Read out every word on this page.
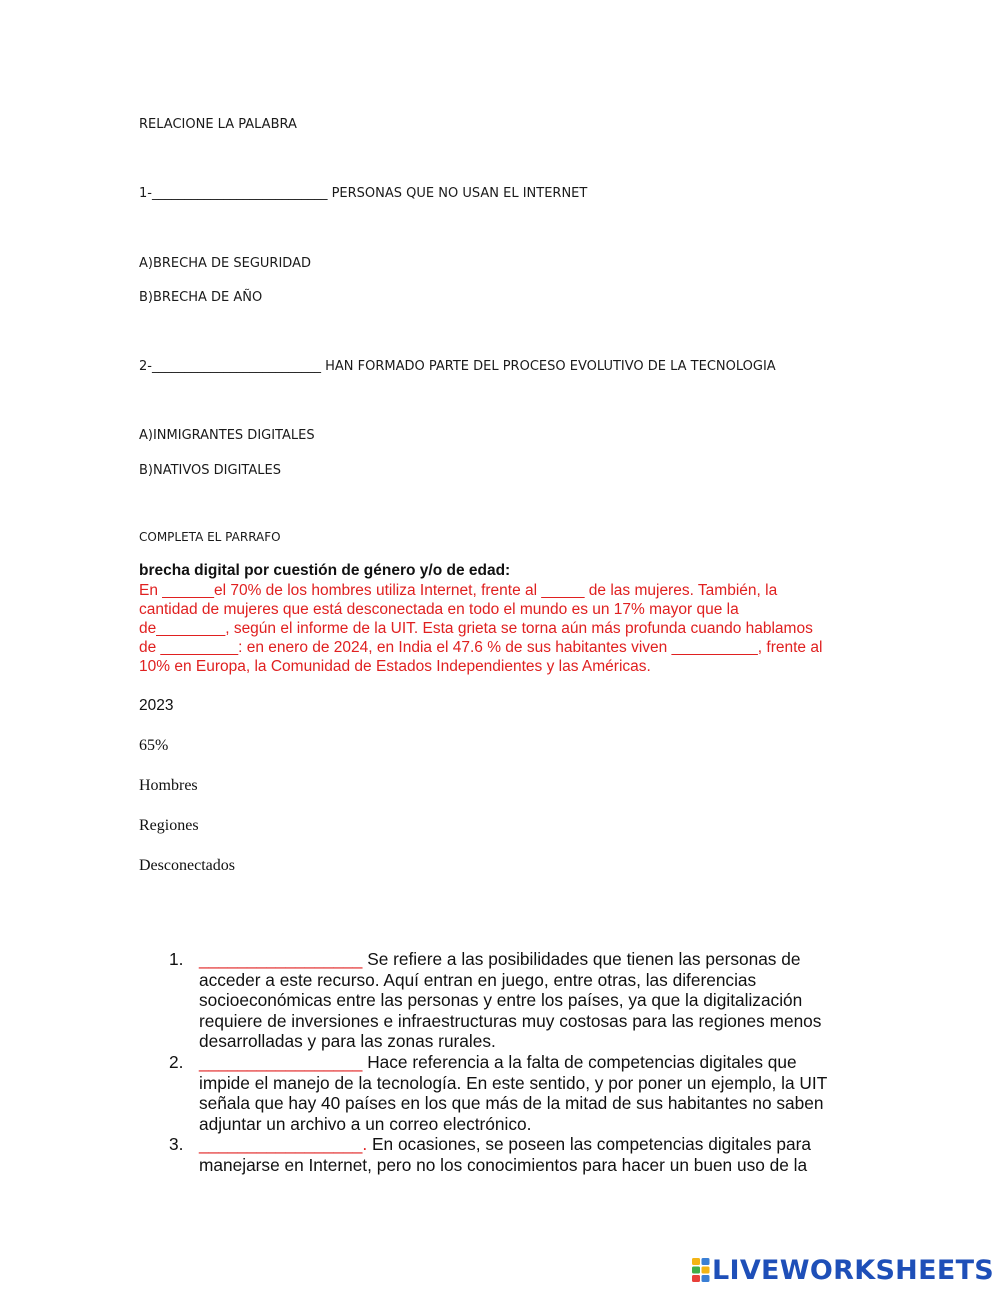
RELACIONE LA PALABRA
1-___________________________ PERSONAS QUE NO USAN EL INTERNET
A)BRECHA DE SEGURIDAD
B)BRECHA DE AÑO
2-__________________________ HAN FORMADO PARTE DEL PROCESO EVOLUTIVO DE LA TECNOLOGIA
A)INMIGRANTES DIGITALES
B)NATIVOS DIGITALES
COMPLETA EL PARRAFO
brecha digital por cuestión de género y/o de edad:
En ______el 70% de los hombres utiliza Internet, frente al _____ de las mujeres. También, la
cantidad de mujeres que está desconectada en todo el mundo es un 17% mayor que la
de________, según el informe de la UIT. Esta grieta se torna aún más profunda cuando hablamos
de _________: en enero de 2024, en India el 47.6 % de sus habitantes viven __________, frente al
10% en Europa, la Comunidad de Estados Independientes y las Américas.
2023
65%
Hombres
Regiones
Desconectados
1. _________________ Se refiere a las posibilidades que tienen las personas de acceder a este recurso. Aquí entran en juego, entre otras, las diferencias socioeconómicas entre las personas y entre los países, ya que la digitalización requiere de inversiones e infraestructuras muy costosas para las regiones menos desarrolladas y para las zonas rurales.
2. _________________ Hace referencia a la falta de competencias digitales que impide el manejo de la tecnología. En este sentido, y por poner un ejemplo, la UIT señala que hay 40 países en los que más de la mitad de sus habitantes no saben adjuntar un archivo a un correo electrónico.
3. _________________. En ocasiones, se poseen las competencias digitales para manejarse en Internet, pero no los conocimientos para hacer un buen uso de la
LIVEWORKSHEETS
